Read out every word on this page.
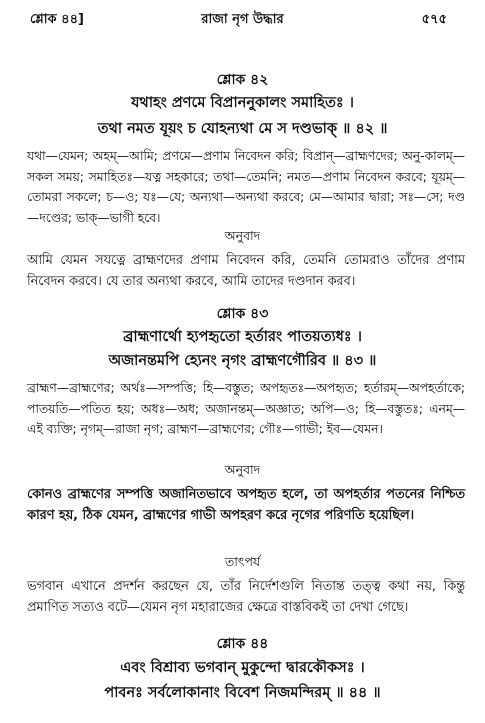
শ্লোক ৪৪]	রাজা নৃগ উদ্ধার	৫৭৫
শ্লোক ৪২
যথাহং প্রণমে বিপ্রাননুকালং সমাহিতঃ ।
তথা নমত যূয়ং চ যোহন্যথা মে স দণ্ডভাক্‌ ॥ ৪২ ॥
যথা—যেমন; অহম্‌—আমি; প্রণমে—প্রণাম নিবেদন করি; বিপ্রান্‌—ব্রাহ্মণদের; অনু-কালম্‌—সকল সময়; সমাহিতঃ—যত্ন সহকারে; তথা—তেমনি; নমত—প্রণাম নিবেদন করবে; যূয়ম্‌—তোমরা সকলে; চ—ও; যঃ—যে; অন্যথা—অন্যথা করবে; মে—আমার দ্বারা; সঃ—সে; দণ্ড—দণ্ডের; ভাক্‌—ভাগী হবে।
অনুবাদ
আমি যেমন সযত্নে ব্রাহ্মণদের প্রণাম নিবেদন করি, তেমনি তোমরাও তাঁদের প্রণাম নিবেদন করবে। যে তার অন্যথা করবে, আমি তাদের দণ্ডদান করব।
শ্লোক ৪৩
ব্রাহ্মণার্থো হ্যপহৃতো হর্তারং পাতয়ত্যধঃ ।
অজানন্তমপি হ্যেনং নৃগং ব্রাহ্মণগৌরিব ॥ ৪৩ ॥
ব্রাহ্মণ—ব্রাহ্মণের; অর্থঃ—সম্পত্তি; হি—বস্তুত; অপহৃতঃ—অপহৃত; হর্তারম্‌—অপহর্তাকে; পাতয়তি—পতিত হয়; অধঃ—অধ; অজানন্তম্‌—অজ্ঞাত; অপি—ও; হি—বস্তুতঃ; এনম্‌—এই ব্যক্তি; নৃগম্‌—রাজা নৃগ; ব্রাহ্মণ—ব্রাহ্মণের; গৌঃ—গাভী; ইব—যেমন।
অনুবাদ
কোনও ব্রাহ্মণের সম্পত্তি অজানিতভাবে অপহৃত হলে, তা অপহর্তার পতনের নিশ্চিত কারণ হয়, ঠিক যেমন, ব্রাহ্মণের গাভী অপহরণ করে নৃগের পরিণতি হয়েছিল।
তাৎপর্য
ভগবান এখানে প্রদর্শন করছেন যে, তাঁর নির্দেশগুলি নিতান্ত তত্ত্ব কথা নয়, কিন্তু প্রমাণিত সত্যও বটে—যেমন নৃগ মহারাজের ক্ষেত্রে বাস্তবিকই তা দেখা গেছে।
শ্লোক ৪৪
এবং বিশ্রাব্য ভগবান্‌ মুকুন্দো দ্বারকৌকসঃ ।
পাবনঃ সর্বলোকানাং বিবেশ নিজমন্দিরম্‌ ॥ ৪৪ ॥
